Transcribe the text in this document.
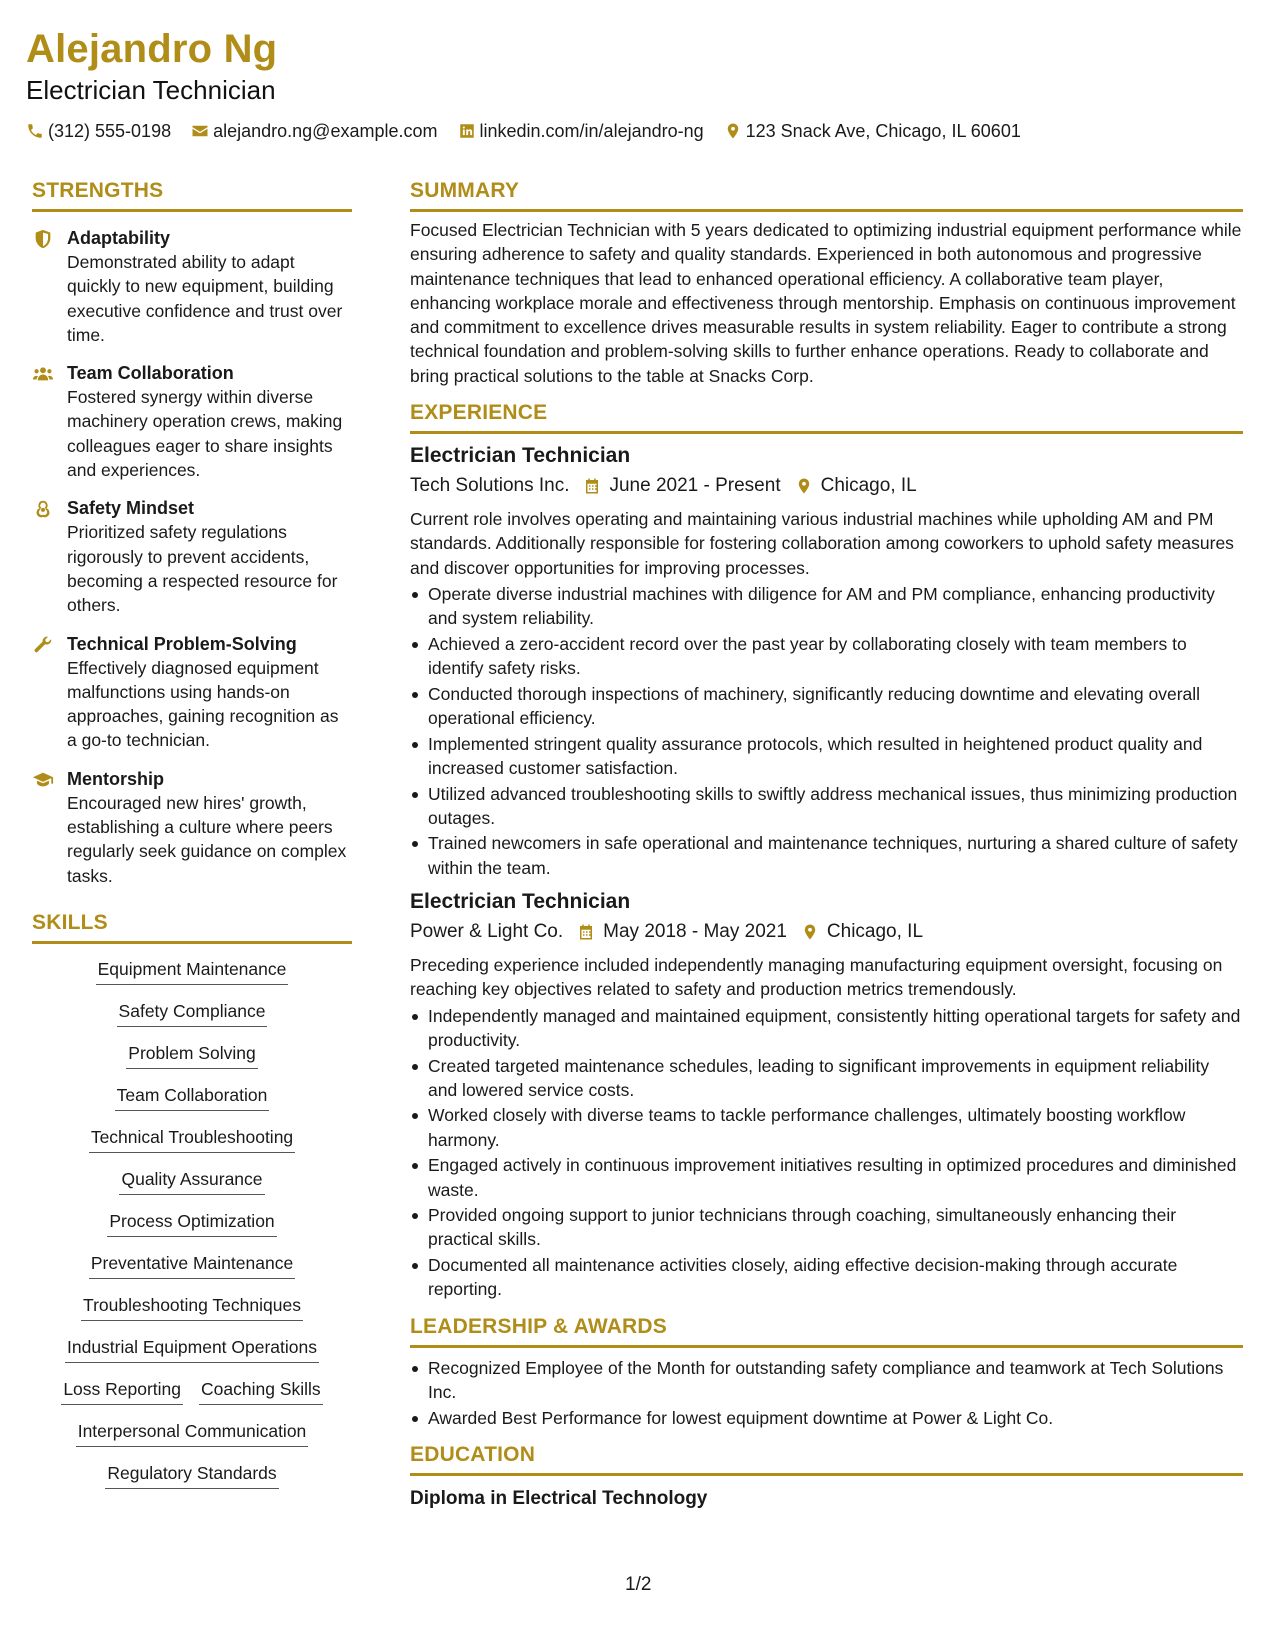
Alejandro Ng
Electrician Technician
(312) 555-0198 alejandro.ng@example.com linkedin.com/in/alejandro-ng 123 Snack Ave, Chicago, IL 60601
STRENGTHS
Adaptability
Demonstrated ability to adapt quickly to new equipment, building executive confidence and trust over time.
Team Collaboration
Fostered synergy within diverse machinery operation crews, making colleagues eager to share insights and experiences.
Safety Mindset
Prioritized safety regulations rigorously to prevent accidents, becoming a respected resource for others.
Technical Problem-Solving
Effectively diagnosed equipment malfunctions using hands-on approaches, gaining recognition as a go-to technician.
Mentorship
Encouraged new hires' growth, establishing a culture where peers regularly seek guidance on complex tasks.
SKILLS
Equipment Maintenance
Safety Compliance
Problem Solving
Team Collaboration
Technical Troubleshooting
Quality Assurance
Process Optimization
Preventative Maintenance
Troubleshooting Techniques
Industrial Equipment Operations
Loss Reporting Coaching Skills
Interpersonal Communication
Regulatory Standards
SUMMARY
Focused Electrician Technician with 5 years dedicated to optimizing industrial equipment performance while ensuring adherence to safety and quality standards. Experienced in both autonomous and progressive maintenance techniques that lead to enhanced operational efficiency. A collaborative team player, enhancing workplace morale and effectiveness through mentorship. Emphasis on continuous improvement and commitment to excellence drives measurable results in system reliability. Eager to contribute a strong technical foundation and problem-solving skills to further enhance operations. Ready to collaborate and bring practical solutions to the table at Snacks Corp.
EXPERIENCE
Electrician Technician
Tech Solutions Inc. June 2021 - Present Chicago, IL
Current role involves operating and maintaining various industrial machines while upholding AM and PM standards. Additionally responsible for fostering collaboration among coworkers to uphold safety measures and discover opportunities for improving processes.
Operate diverse industrial machines with diligence for AM and PM compliance, enhancing productivity and system reliability.
Achieved a zero-accident record over the past year by collaborating closely with team members to identify safety risks.
Conducted thorough inspections of machinery, significantly reducing downtime and elevating overall operational efficiency.
Implemented stringent quality assurance protocols, which resulted in heightened product quality and increased customer satisfaction.
Utilized advanced troubleshooting skills to swiftly address mechanical issues, thus minimizing production outages.
Trained newcomers in safe operational and maintenance techniques, nurturing a shared culture of safety within the team.
Electrician Technician
Power & Light Co. May 2018 - May 2021 Chicago, IL
Preceding experience included independently managing manufacturing equipment oversight, focusing on reaching key objectives related to safety and production metrics tremendously.
Independently managed and maintained equipment, consistently hitting operational targets for safety and productivity.
Created targeted maintenance schedules, leading to significant improvements in equipment reliability and lowered service costs.
Worked closely with diverse teams to tackle performance challenges, ultimately boosting workflow harmony.
Engaged actively in continuous improvement initiatives resulting in optimized procedures and diminished waste.
Provided ongoing support to junior technicians through coaching, simultaneously enhancing their practical skills.
Documented all maintenance activities closely, aiding effective decision-making through accurate reporting.
LEADERSHIP & AWARDS
Recognized Employee of the Month for outstanding safety compliance and teamwork at Tech Solutions Inc.
Awarded Best Performance for lowest equipment downtime at Power & Light Co.
EDUCATION
Diploma in Electrical Technology
1/2
